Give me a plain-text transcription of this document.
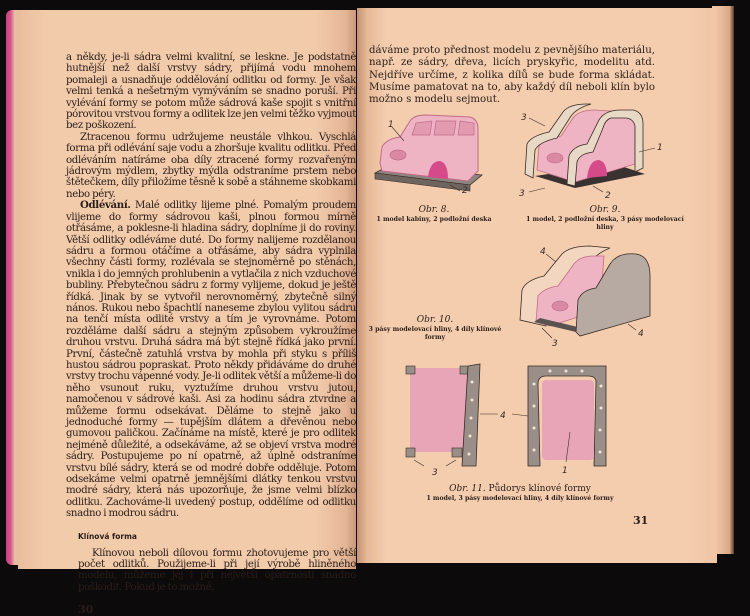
a někdy, je-li sádra velmi kvalitní, se leskne. Je podstatně hutnější než další vrstvy sádry, přijímá vodu mnohem pomaleji a usnadňuje oddělování odlitku od formy. Je však velmi tenká a nešetrným vymýváním se snadno poruší. Při vylévání formy se potom může sádrová kaše spojit s vnitřní pórovitou vrstvou formy a odlitek lze jen velmi těžko vyjmout bez poškození.

Ztracenou formu udržujeme neustále vlhkou. Vyschlá forma při odlévání saje vodu a zhoršuje kvalitu odlitku. Před odléváním natíráme oba díly ztracené formy rozvařeným jádrovým mýdlem, zbytky mýdla odstraníme prstem nebo štětečkem, díly přiložíme těsně k sobě a stáhneme skobkami nebo péry.

Odlévání. Malé odlitky lijeme plné. Pomalým proudem vlijeme do formy sádrovou kaši, plnou formou mírně otřásáme, a poklesne-li hladina sádry, doplníme ji do roviny. Větší odlitky odléváme duté. Do formy nalijeme rozdělanou sádru a formou otáčíme a otřásáme, aby sádra vyplnila všechny části formy, rozlévala se stejnoměrně po stěnách, vnikla i do jemných prohlubenin a vytlačila z nich vzduchové bubliny. Přebytečnou sádru z formy vylijeme, dokud je ještě řídká. Jinak by se vytvořil nerovnoměrný, zbytečně silný nános. Rukou nebo špachtlí naneseme zbylou vylitou sádru na tenčí místa odlité vrstvy a tím je vyrovnáme. Potom rozděláme další sádru a stejným způsobem vykroužíme druhou vrstvu. Druhá sádra má být stejně řídká jako první. První, částečně zatuhlá vrstva by mohla při styku s příliš hustou sádrou popraskat. Proto někdy přidáváme do druhé vrstvy trochu vápenné vody. Je-li odlitek větší a můžeme-li do něho vsunout ruku, vyztužíme druhou vrstvu jutou, namočenou v sádrové kaši. Asi za hodinu sádra ztvrdne a můžeme formu odsekávat. Děláme to stejně jako u jednoduché formy — tupějším dlátem a dřevěnou nebo gumovou paličkou. Začínáme na místě, které je pro odlitek nejméně důležité, a odsekáváme, až se objeví vrstva modré sádry. Postupujeme po ní opatrně, až úplně odstraníme vrstvu bílé sádry, která se od modré dobře odděluje. Potom odsekáme velmi opatrně jemnějšími dlátky tenkou vrstvu modré sádry, která nás upozorňuje, že jsme velmi blízko odlitku. Zachováme-li uvedený postup, oddělíme od odlitku snadno i modrou sádru.

Klínová forma

Klínovou neboli dílovou formu zhotovujeme pro větší počet odlitků. Použijeme-li při její výrobě hliněného modelu, můžeme jej i při největší opatrnosti snadno poškodit. Pokud je to možné,

30

dáváme proto přednost modelu z pevnějšího materiálu, např. ze sádry, dřeva, licích pryskyřic, modelitu atd. Nejdříve určíme, z kolika dílů se bude forma skládat. Musíme pamatovat na to, aby každý díl neboli klín bylo možno s modelu sejmout.

1
2
Obr. 8.
1 model kabiny, 2 podložní deska
3
1
3	2
Obr. 9.
1 model, 2 podložní deska, 3 pásy modelovací hliny
4
3
4
Obr. 10.
3 pásy modelovací hliny, 4 díly klínové formy
4
3	1
Obr. 11. Půdorys klínové formy
1 model, 3 pásy modelovací hliny, 4 díly klínové formy
31
